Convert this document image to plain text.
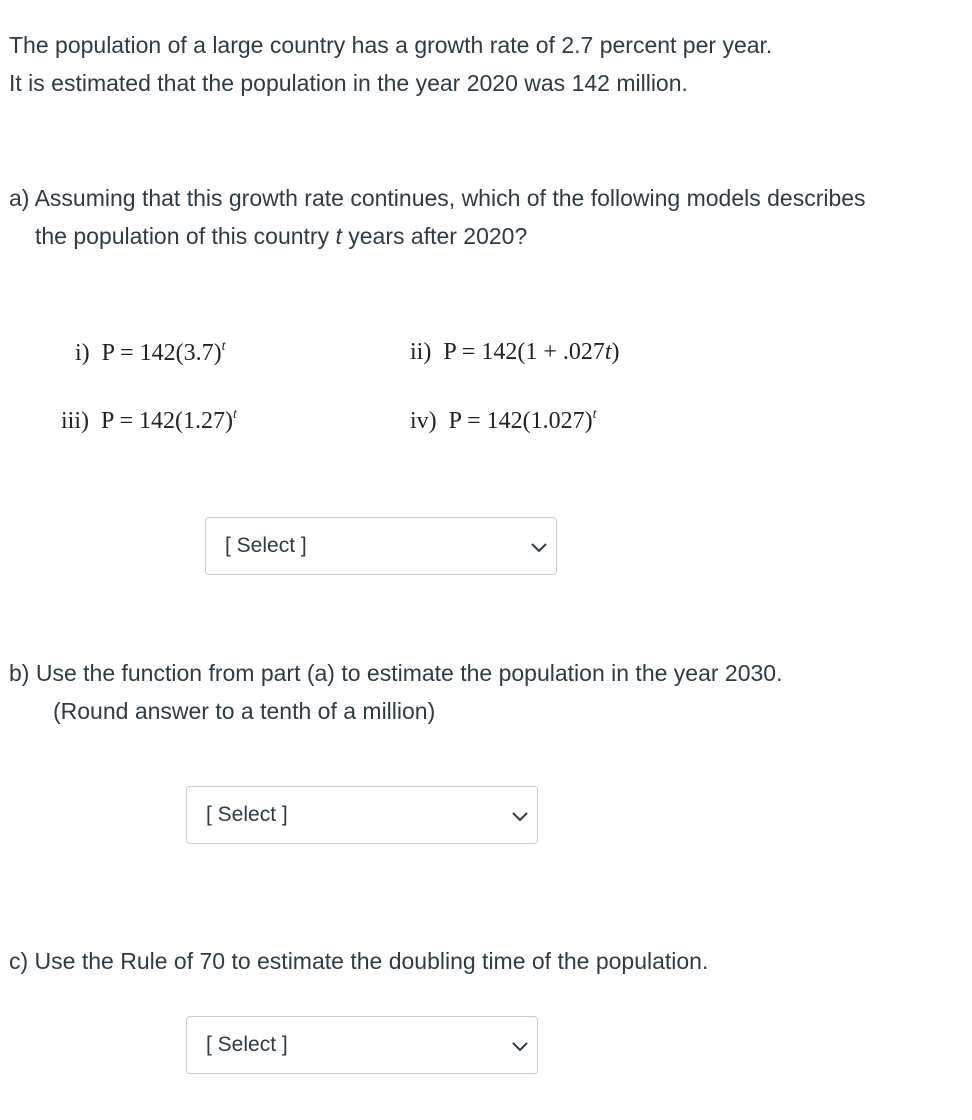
The population of a large country has a growth rate of 2.7 percent per year.

It is estimated that the population in the year 2020 was 142 million.

a) Assuming that this growth rate continues, which of the following models describes

the population of this country t years after 2020?

i) $P = 142(3.7)^t$	ii) P = 142(1 + .027t)
iii) $P = 142(1.27)^t$	iv) $P = 142(1.027)^t$
[ Select ]

b) Use the function from part (a) to estimate the population in the year 2030.

(Round answer to a tenth of a million)

[ Select ]

c) Use the Rule of 70 to estimate the doubling time of the population.

[ Select ]
